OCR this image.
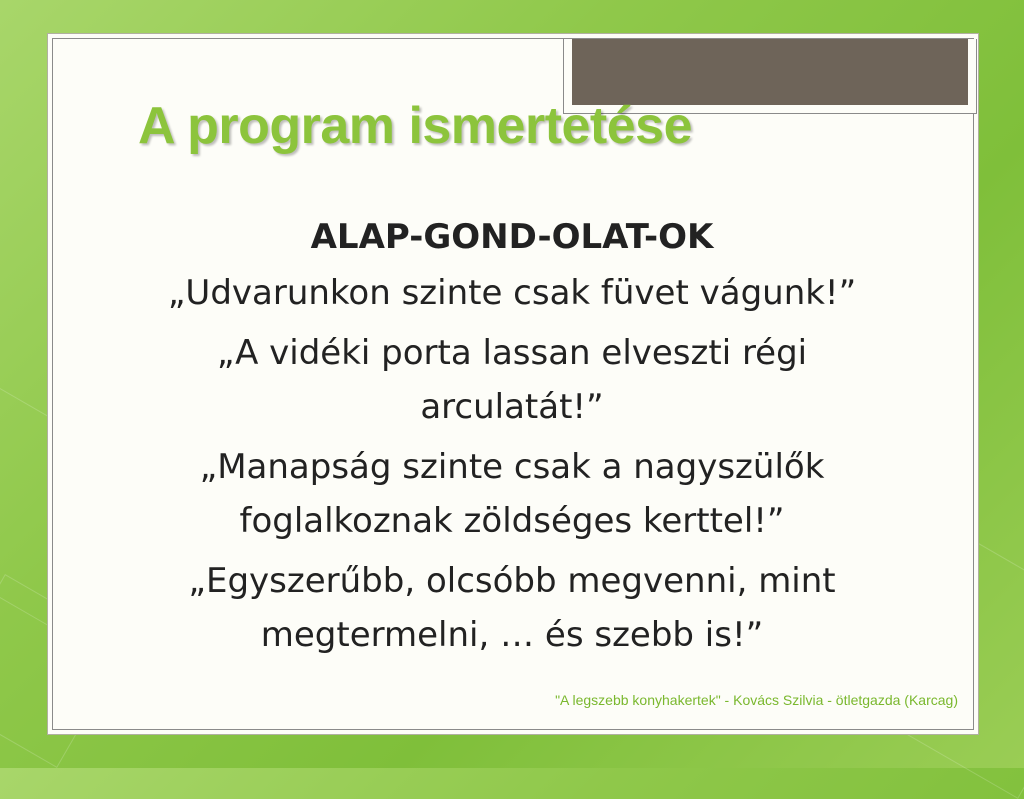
A program ismertetése

ALAP-GOND-OLAT-OK

„Udvarunkon szinte csak füvet vágunk!”

„A vidéki porta lassan elveszti régi arculatát!”

„Manapság szinte csak a nagyszülők foglalkoznak zöldséges kerttel!”

„Egyszerűbb, olcsóbb megvenni, mint megtermelni, … és szebb is!”

"A legszebb konyhakertek" - Kovács Szilvia - ötletgazda (Karcag)
